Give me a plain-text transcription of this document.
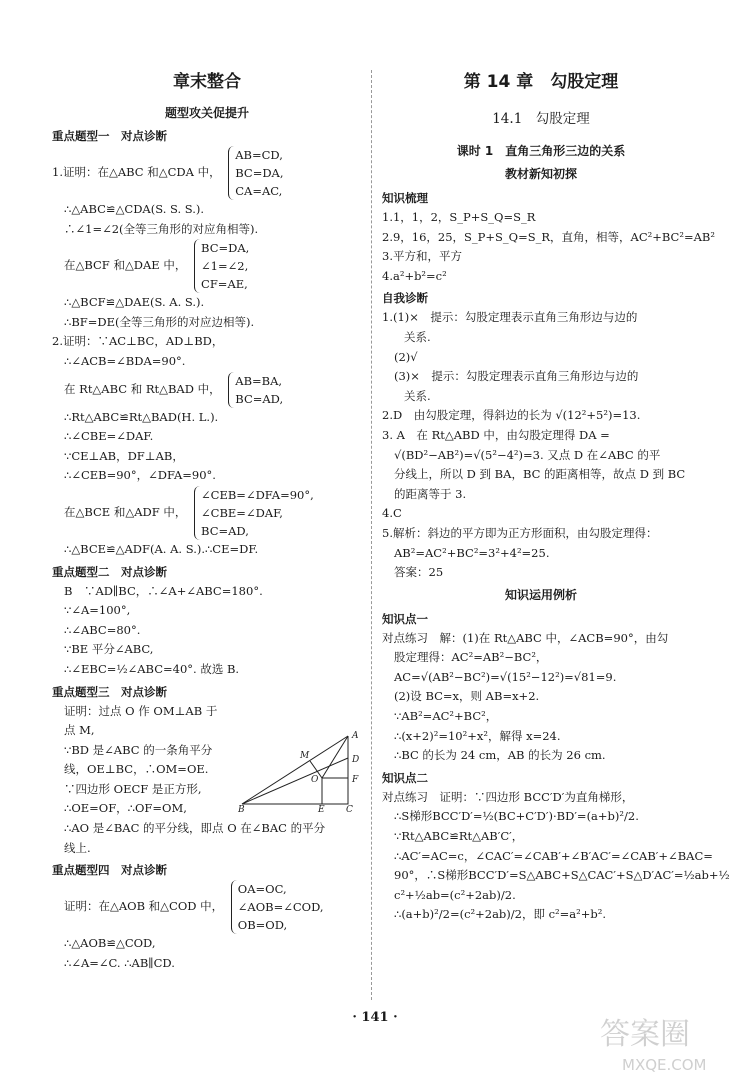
章末整合
题型攻关促提升
重点题型一　对点诊断
1.证明：在△ABC 和△CDA 中，
AB=CD,
BC=DA,
CA=AC,
∴△ABC≌△CDA(S. S. S.).
∴∠1=∠2(全等三角形的对应角相等).
在△BCF 和△DAE 中，
BC=DA,
∠1=∠2,
CF=AE,
∴△BCF≌△DAE(S. A. S.).
∴BF=DE(全等三角形的对应边相等).
2.证明：∵AC⊥BC，AD⊥BD，
∴∠ACB=∠BDA=90°.
在 Rt△ABC 和 Rt△BAD 中，
AB=BA,
BC=AD,
∴Rt△ABC≌Rt△BAD(H. L.).
∴∠CBE=∠DAF.
∵CE⊥AB，DF⊥AB，
∴∠CEB=90°，∠DFA=90°.
在△BCE 和△ADF 中，
∠CEB=∠DFA=90°,
∠CBE=∠DAF,
BC=AD,
∴△BCE≌△ADF(A. A. S.).∴CE=DF.
重点题型二　对点诊断
B　∵AD∥BC，∴∠A+∠ABC=180°.
∵∠A=100°,
∴∠ABC=80°.
∵BE 平分∠ABC,
∴∠EBC=½∠ABC=40°. 故选 B.
重点题型三　对点诊断
证明：过点 O 作 OM⊥AB 于
点 M,
∵BD 是∠ABC 的一条角平分
线，OE⊥BC，∴OM=OE.
∵四边形 OECF 是正方形,
∴OE=OF，∴OF=OM,
∴AO 是∠BAC 的平分线，即点 O 在∠BAC 的平分
线上.
重点题型四　对点诊断
证明：在△AOB 和△COD 中，
OA=OC,
∠AOB=∠COD,
OB=OD,
∴△AOB≌△COD,
∴∠A=∠C. ∴AB∥CD.
M
A
D
O	F
B	E C
第 14 章　勾股定理
14.1　勾股定理
课时 1　直角三角形三边的关系
教材新知初探
知识梳理
1.1，1，2，S_P+S_Q=S_R
2.9，16，25，S_P+S_Q=S_R，直角，相等，AC²+BC²=AB²
3.平方和，平方
4.a²+b²=c²
自我诊断
1.(1)×　提示：勾股定理表示直角三角形边与边的
关系.
(2)√
(3)×　提示：勾股定理表示直角三角形边与边的
关系.
2.D　由勾股定理，得斜边的长为 √(12²+5²)=13.
3. A　在 Rt△ABD 中，由勾股定理得 DA =
√(BD²−AB²)=√(5²−4²)=3. 又点 D 在∠ABC 的平
分线上，所以 D 到 BA，BC 的距离相等，故点 D 到 BC
的距离等于 3.
4.C
5.解析：斜边的平方即为正方形面积，由勾股定理得：
AB²=AC²+BC²=3²+4²=25.
答案：25
知识运用例析
知识点一
对点练习　解：(1)在 Rt△ABC 中，∠ACB=90°，由勾
股定理得：AC²=AB²−BC²，
AC=√(AB²−BC²)=√(15²−12²)=√81=9.
(2)设 BC=x，则 AB=x+2.
∵AB²=AC²+BC²，
∴(x+2)²=10²+x²，解得 x=24.
∴BC 的长为 24 cm，AB 的长为 26 cm.
知识点二
对点练习　证明：∵四边形 BCC′D′为直角梯形，
∴S梯形BCC′D′=½(BC+C′D′)·BD′=(a+b)²/2.
∵Rt△ABC≌Rt△AB′C′，
∴AC′=AC=c，∠CAC′=∠CAB′+∠B′AC′=∠CAB′+∠BAC=
90°，∴S梯形BCC′D′=S△ABC+S△CAC′+S△D′AC′=½ab+½
c²+½ab=(c²+2ab)/2.
∴(a+b)²/2=(c²+2ab)/2，即 c²=a²+b².
· 141 ·	答案圈
MXQE.COM
